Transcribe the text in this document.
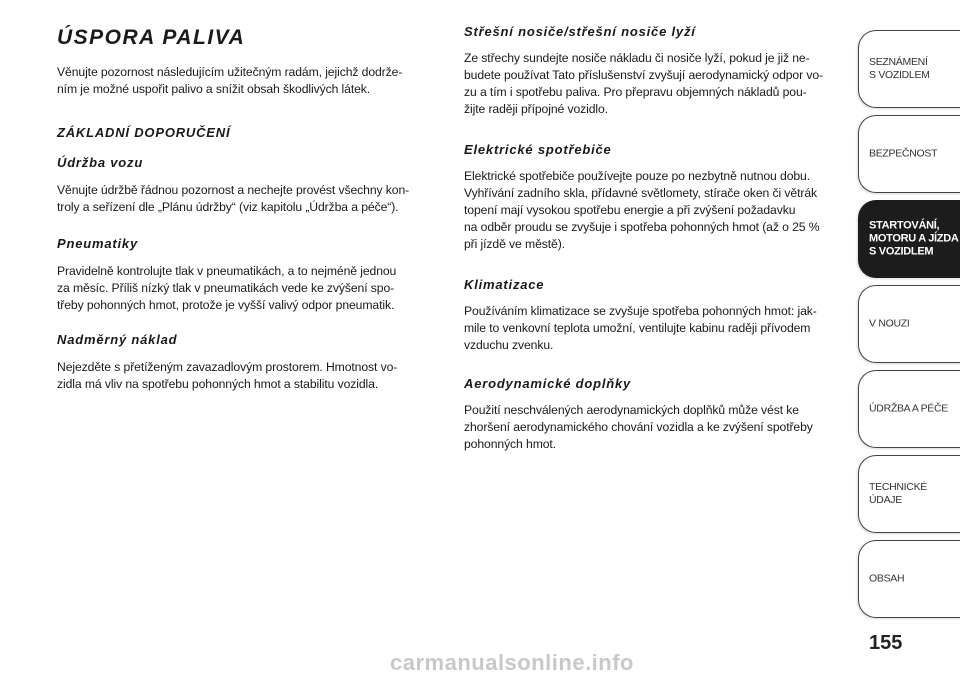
ÚSPORA PALIVA
Věnujte pozornost následujícím užitečným radám, jejichž dodrže-
ním je možné uspořit palivo a snížit obsah škodlivých látek.
ZÁKLADNÍ DOPORUČENÍ
Údržba vozu
Věnujte údržbě řádnou pozornost a nechejte provést všechny kon-
troly a seřízení dle „Plánu údržby“ (viz kapitolu „Údržba a péče“).
Pneumatiky
Pravidelně kontrolujte tlak v pneumatikách, a to nejméně jednou
za měsíc. Příliš nízký tlak v pneumatikách vede ke zvýšení spo-
třeby pohonných hmot, protože je vyšší valivý odpor pneumatik.
Nadměrný náklad
Nejezděte s přetíženým zavazadlovým prostorem. Hmotnost vo-
zidla má vliv na spotřebu pohonných hmot a stabilitu vozidla.
Střešní nosiče/střešní nosiče lyží
Ze střechy sundejte nosiče nákladu či nosiče lyží, pokud je již ne-
budete používat Tato příslušenství zvyšují aerodynamický odpor vo-
zu a tím i spotřebu paliva. Pro přepravu objemných nákladů pou-
žijte raději přípojné vozidlo.
Elektrické spotřebiče
Elektrické spotřebiče používejte pouze po nezbytně nutnou dobu.
Vyhřívání zadního skla, přídavné světlomety, stírače oken či větrák
topení mají vysokou spotřebu energie a při zvýšení požadavku
na odběr proudu se zvyšuje i spotřeba pohonných hmot (až o 25 %
při jízdě ve městě).
Klimatizace
Používáním klimatizace se zvyšuje spotřeba pohonných hmot: jak-
mile to venkovní teplota umožní, ventilujte kabinu raději přívodem
vzduchu zvenku.
Aerodynamické doplňky
Použití neschválených aerodynamických doplňků může vést ke
zhoršení aerodynamického chování vozidla a ke zvýšení spotřeby
pohonných hmot.
SEZNÁMENÍ
S VOZIDLEM
BEZPEČNOST
STARTOVÁNÍ,
MOTORU A JÍZDA
S VOZIDLEM
V NOUZI
ÚDRŽBA A PÉČE
TECHNICKÉ
ÚDAJE
OBSAH
155
carmanualsonline.info
